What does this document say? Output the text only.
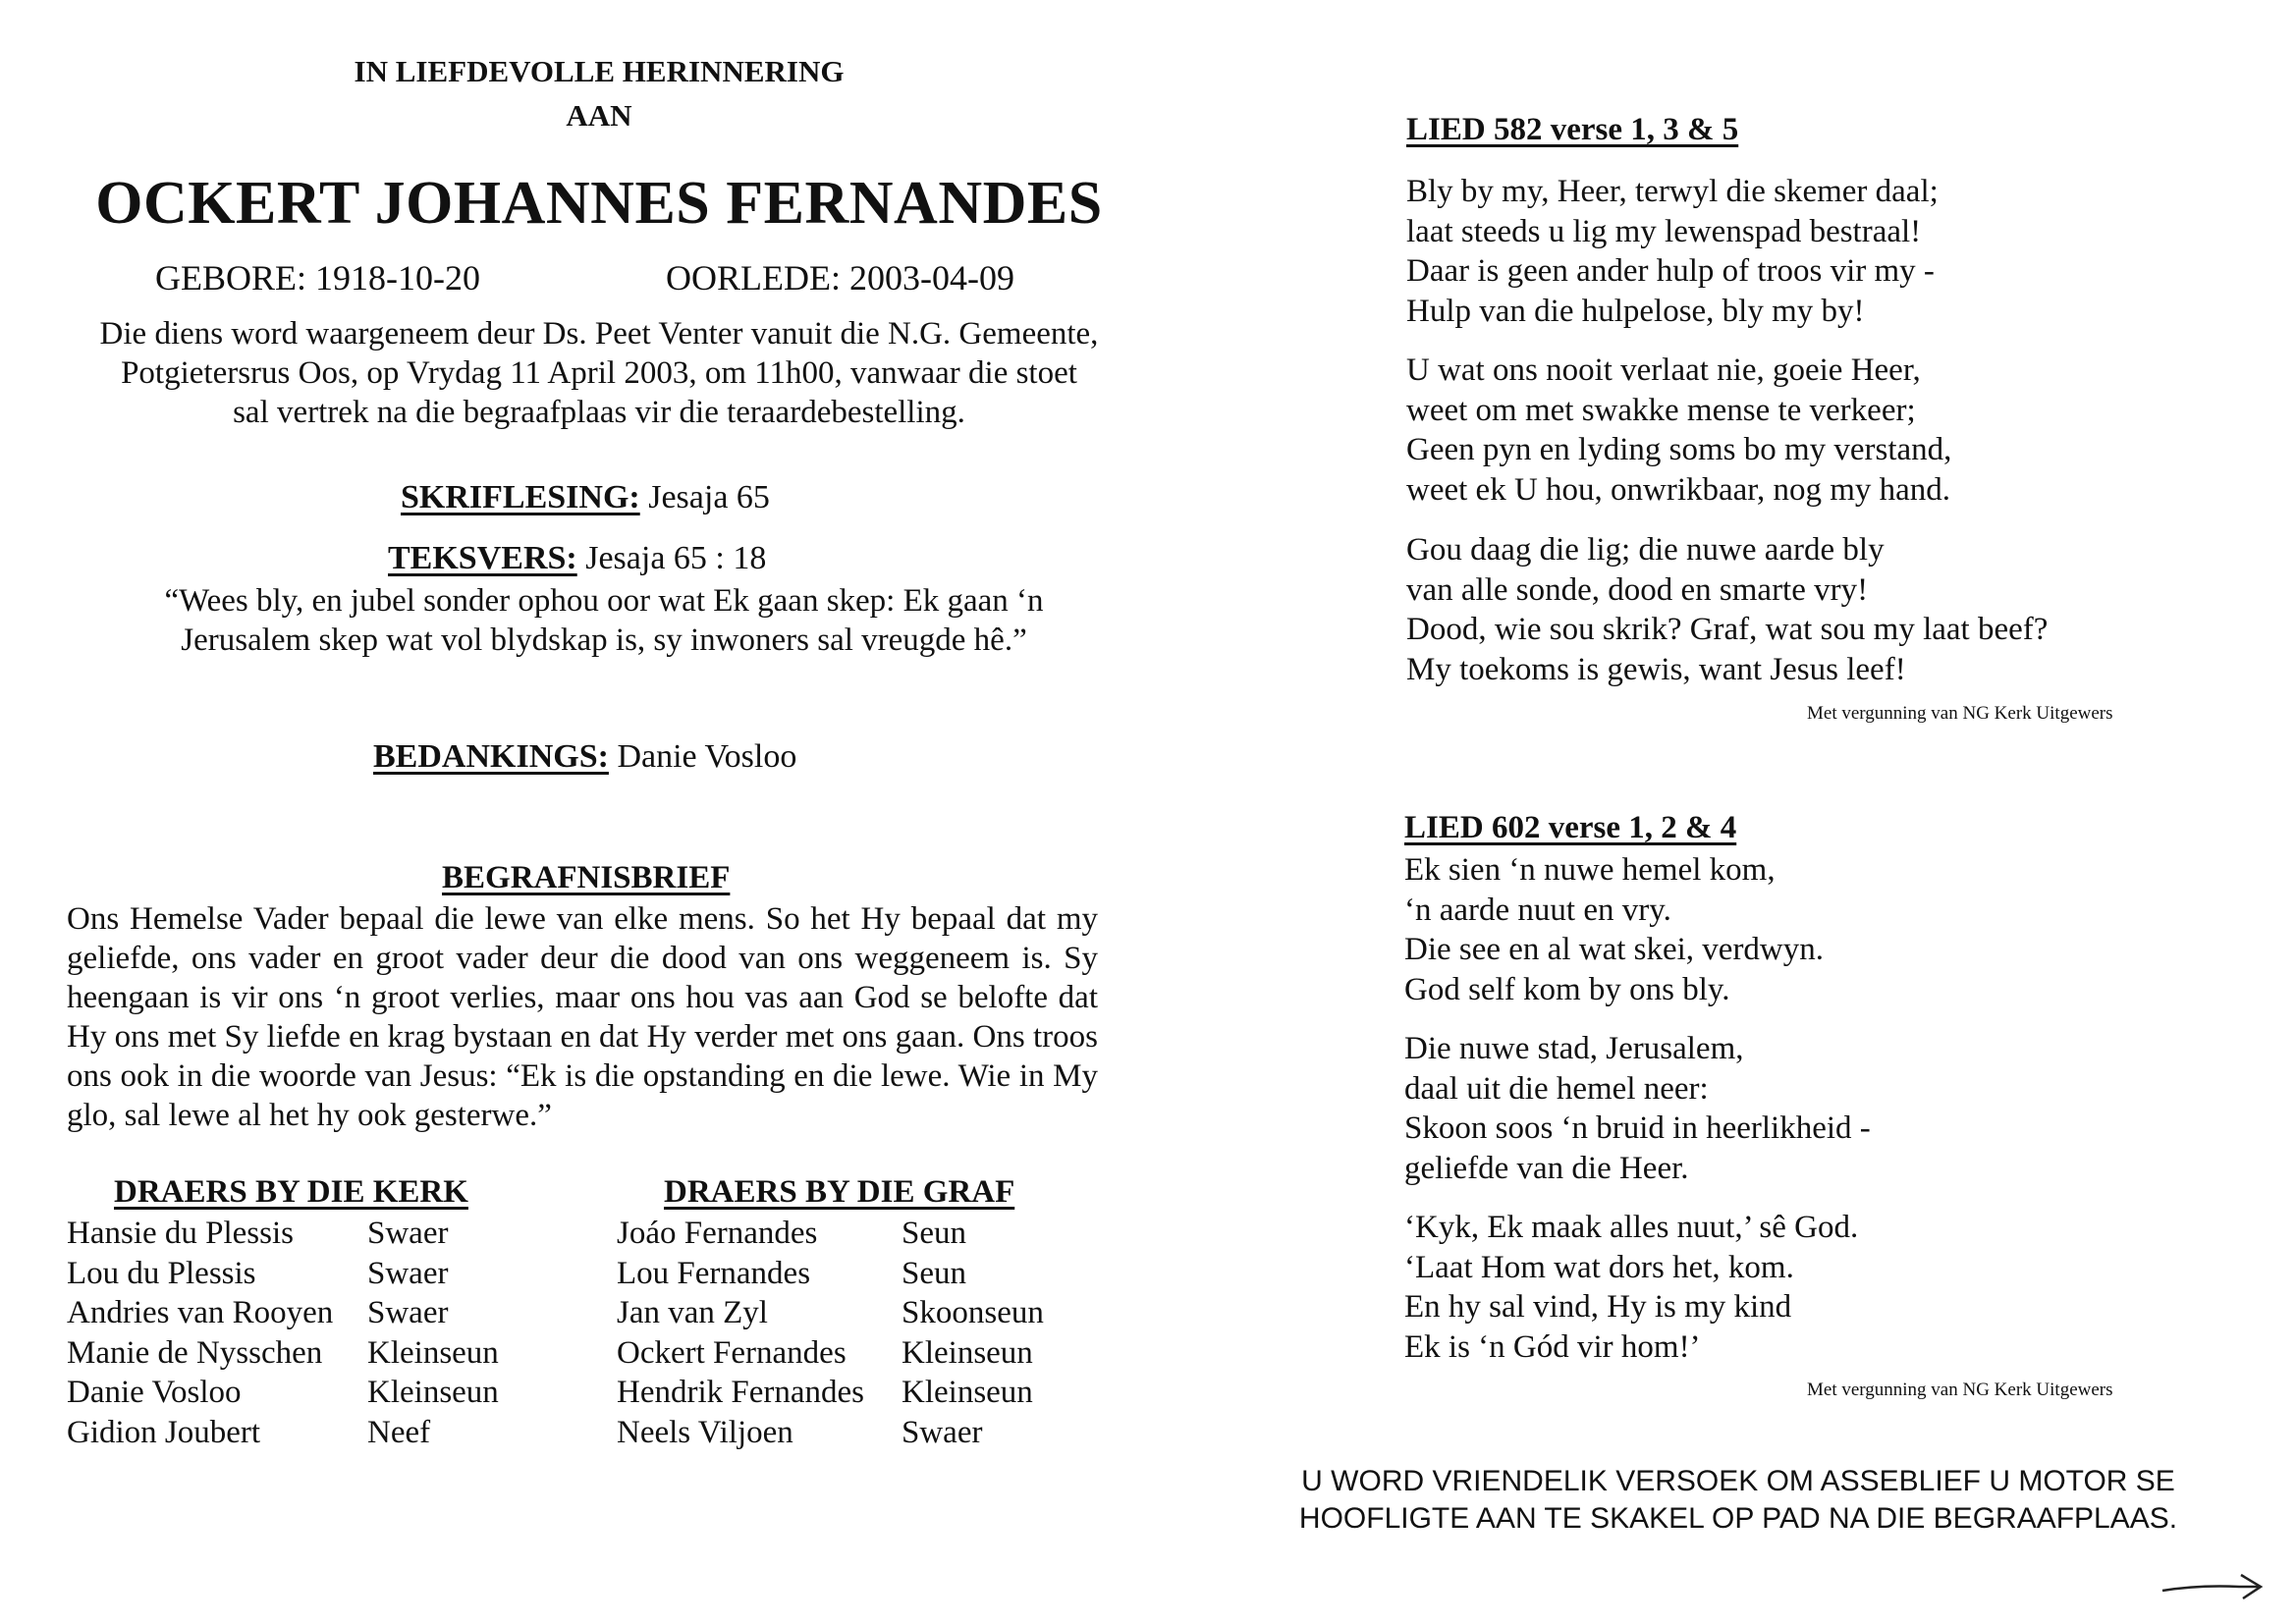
IN LIEFDEVOLLE HERINNERING
AAN
OCKERT JOHANNES FERNANDES
GEBORE: 1918-10-20	OORLEDE: 2003-04-09
Die diens word waargeneem deur Ds. Peet Venter vanuit die N.G. Gemeente,
Potgietersrus Oos, op Vrydag 11 April 2003, om 11h00, vanwaar die stoet
sal vertrek na die begraafplaas vir die teraardebestelling.
SKRIFLESING: Jesaja 65
TEKSVERS: Jesaja 65 : 18
“Wees bly, en jubel sonder ophou oor wat Ek gaan skep: Ek gaan ‘n
Jerusalem skep wat vol blydskap is, sy inwoners sal vreugde hê.”
BEDANKINGS: Danie Vosloo
BEGRAFNISBRIEF
Ons Hemelse Vader bepaal die lewe van elke mens. So het Hy bepaal dat my geliefde, ons vader en groot vader deur die dood van ons weggeneem is. Sy heengaan is vir ons ‘n groot verlies, maar ons hou vas aan God se belofte dat Hy ons met Sy liefde en krag bystaan en dat Hy verder met ons gaan. Ons troos ons ook in die woorde van Jesus: “Ek is die opstanding en die lewe. Wie in My glo, sal lewe al het hy ook gesterwe.”
DRAERS BY DIE KERK	DRAERS BY DIE GRAF
Hansie du Plessis	Swaer
Lou du Plessis	Swaer
Andries van Rooyen	Swaer
Manie de Nysschen	Kleinseun
Danie Vosloo	Kleinseun
Gidion Joubert	Neef
Joáo Fernandes	Seun
Lou Fernandes	Seun
Jan van Zyl	Skoonseun
Ockert Fernandes	Kleinseun
Hendrik Fernandes	Kleinseun
Neels Viljoen	Swaer
LIED 582 verse 1, 3 & 5
Bly by my, Heer, terwyl die skemer daal;
laat steeds u lig my lewenspad bestraal!
Daar is geen ander hulp of troos vir my -
Hulp van die hulpelose, bly my by!
U wat ons nooit verlaat nie, goeie Heer,
weet om met swakke mense te verkeer;
Geen pyn en lyding soms bo my verstand,
weet ek U hou, onwrikbaar, nog my hand.
Gou daag die lig; die nuwe aarde bly
van alle sonde, dood en smarte vry!
Dood, wie sou skrik? Graf, wat sou my laat beef?
My toekoms is gewis, want Jesus leef!
Met vergunning van NG Kerk Uitgewers
LIED 602 verse 1, 2 & 4
Ek sien ‘n nuwe hemel kom,
‘n aarde nuut en vry.
Die see en al wat skei, verdwyn.
God self kom by ons bly.
Die nuwe stad, Jerusalem,
daal uit die hemel neer:
Skoon soos ‘n bruid in heerlikheid -
geliefde van die Heer.
‘Kyk, Ek maak alles nuut,’ sê God.
‘Laat Hom wat dors het, kom.
En hy sal vind, Hy is my kind
Ek is ‘n Gód vir hom!’
Met vergunning van NG Kerk Uitgewers
U WORD VRIENDELIK VERSOEK OM ASSEBLIEF U MOTOR SE
HOOFLIGTE AAN TE SKAKEL OP PAD NA DIE BEGRAAFPLAAS.
